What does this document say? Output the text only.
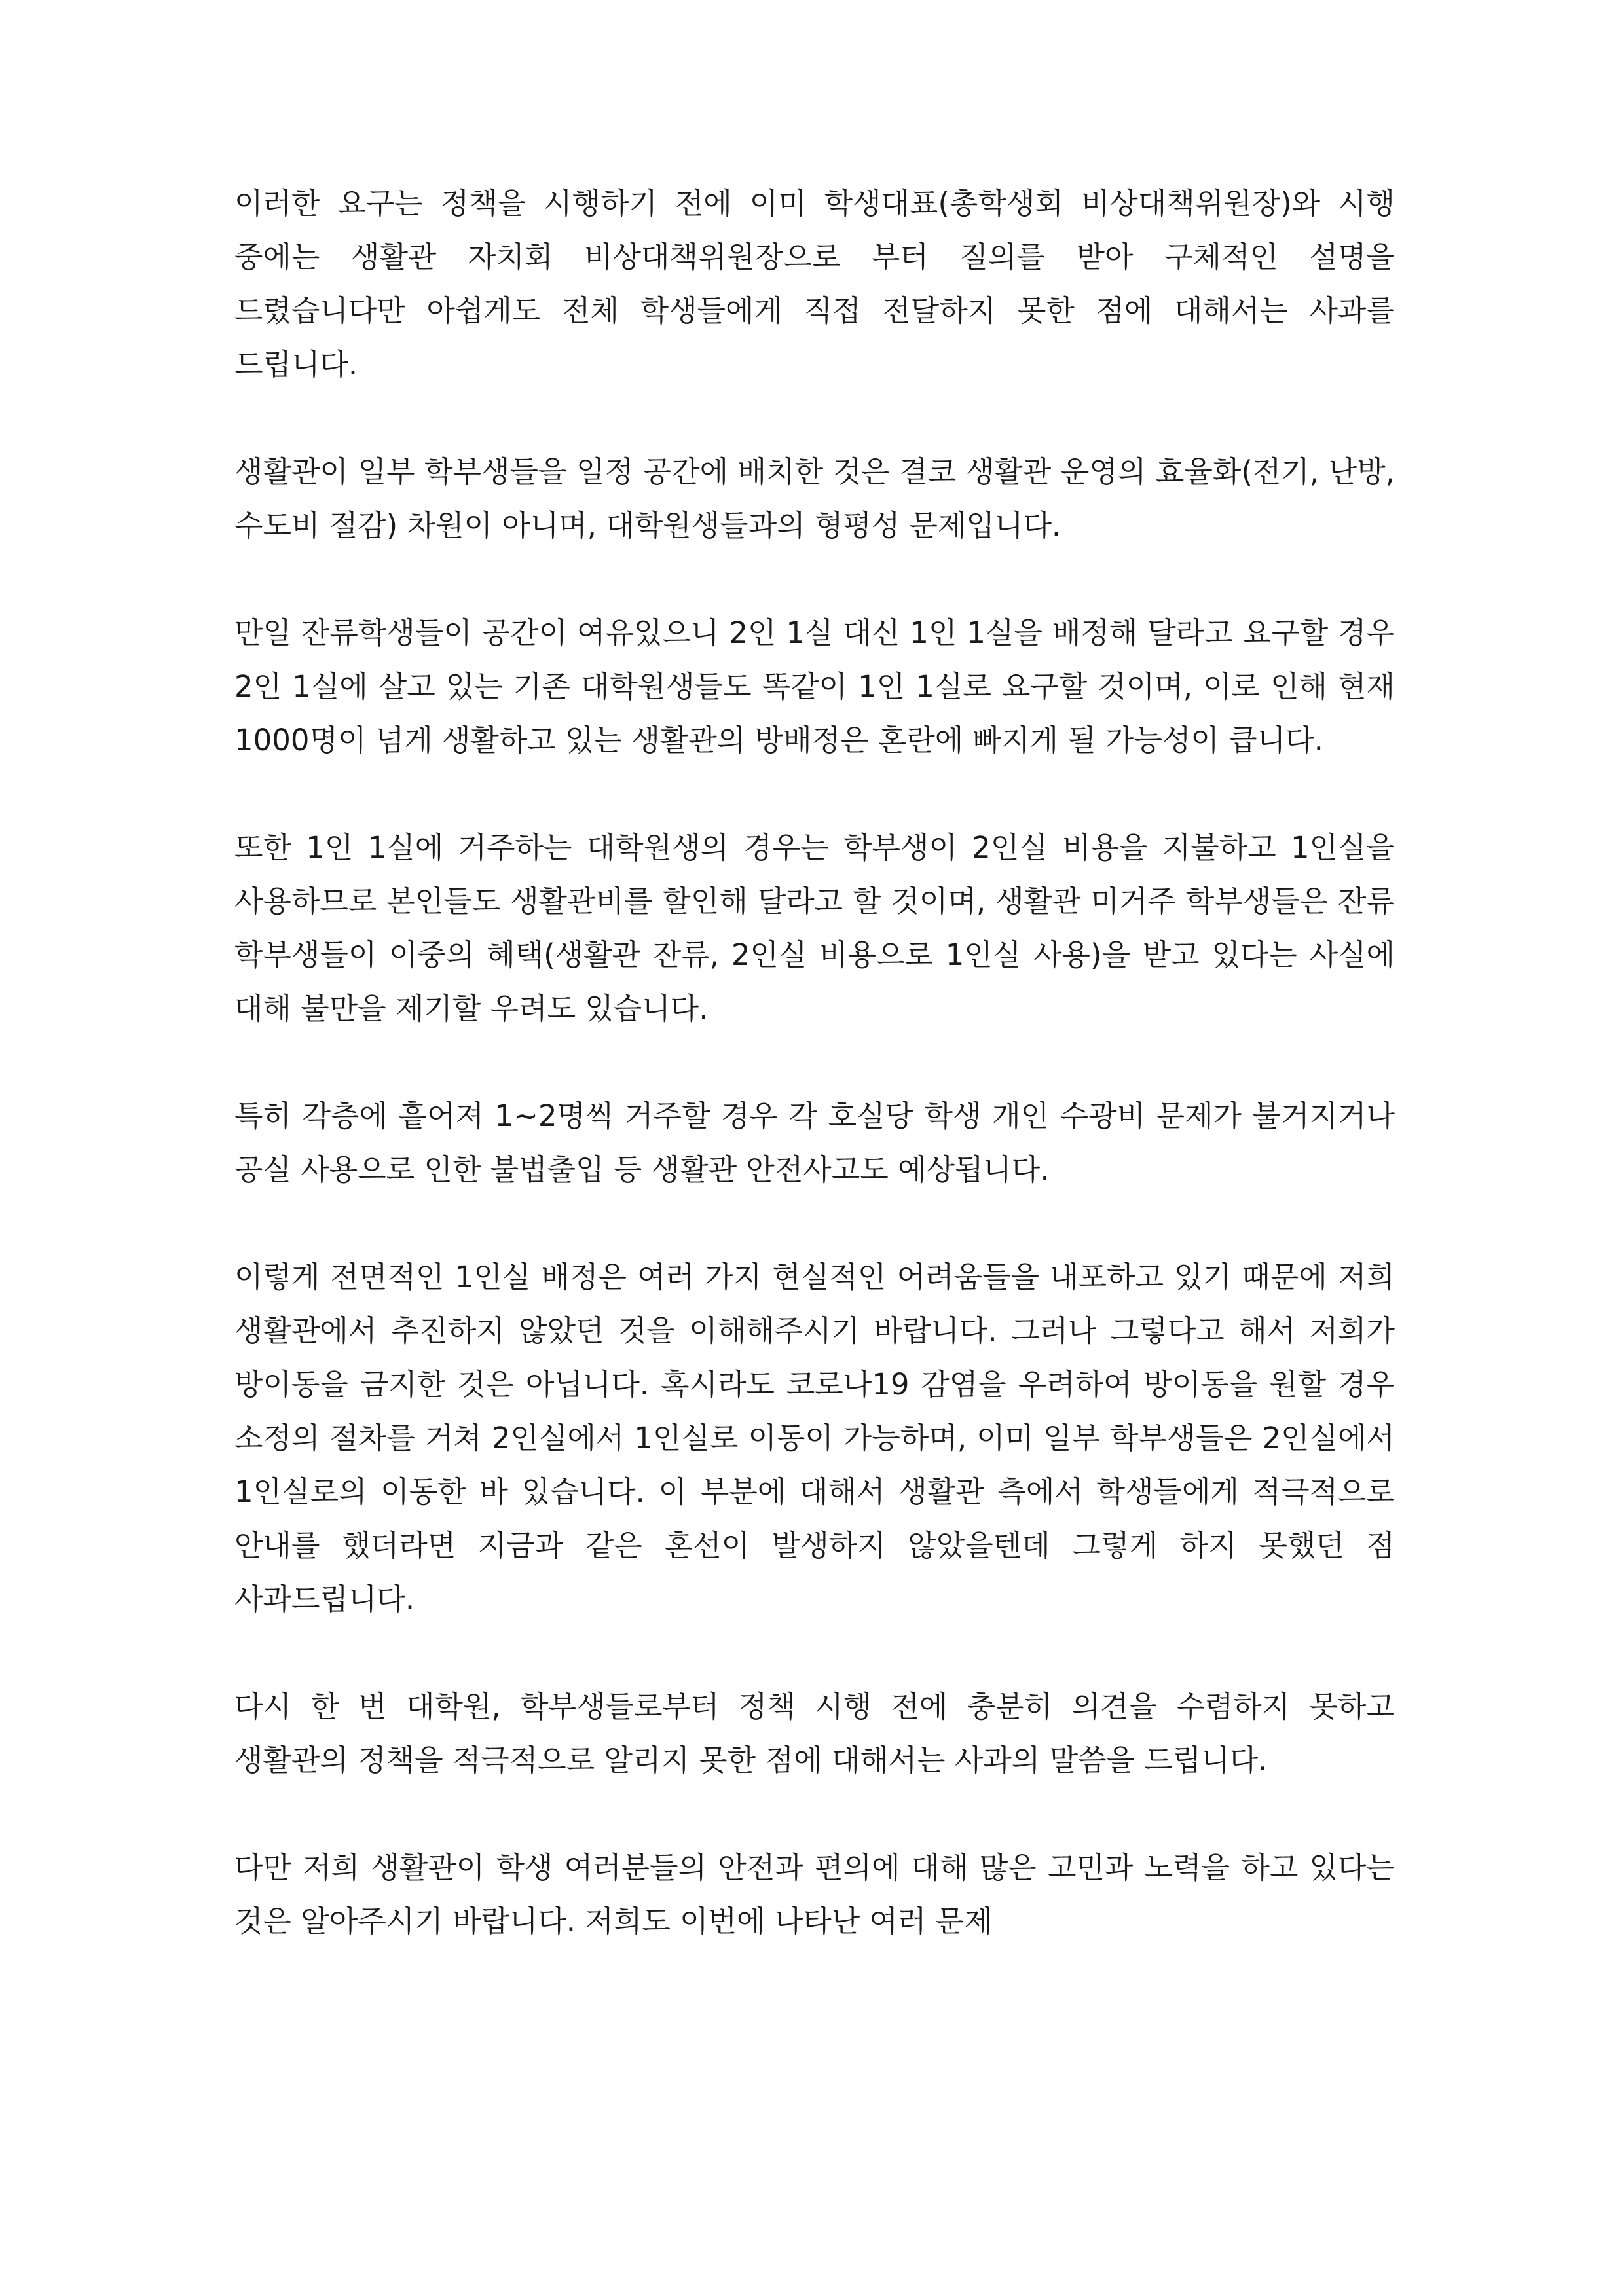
이러한 요구는 정책을 시행하기 전에 이미 학생대표(총학생회 비상대책위원장)와 시행 중에는 생활관 자치회 비상대책위원장으로 부터 질의를 받아 구체적인 설명을 드렸습니다만 아쉽게도 전체 학생들에게 직접 전달하지 못한 점에 대해서는 사과를 드립니다.

생활관이 일부 학부생들을 일정 공간에 배치한 것은 결코 생활관 운영의 효율화(전기, 난방, 수도비 절감) 차원이 아니며, 대학원생들과의 형평성 문제입니다.

만일 잔류학생들이 공간이 여유있으니 2인 1실 대신 1인 1실을 배정해 달라고 요구할 경우 2인 1실에 살고 있는 기존 대학원생들도 똑같이 1인 1실로 요구할 것이며, 이로 인해 현재 1000명이 넘게 생활하고 있는 생활관의 방배정은 혼란에 빠지게 될 가능성이 큽니다.

또한 1인 1실에 거주하는 대학원생의 경우는 학부생이 2인실 비용을 지불하고 1인실을 사용하므로 본인들도 생활관비를 할인해 달라고 할 것이며, 생활관 미거주 학부생들은 잔류 학부생들이 이중의 혜택(생활관 잔류, 2인실 비용으로 1인실 사용)을 받고 있다는 사실에 대해 불만을 제기할 우려도 있습니다.

특히 각층에 흩어져 1~2명씩 거주할 경우 각 호실당 학생 개인 수광비 문제가 불거지거나 공실 사용으로 인한 불법출입 등 생활관 안전사고도 예상됩니다.

이렇게 전면적인 1인실 배정은 여러 가지 현실적인 어려움들을 내포하고 있기 때문에 저희 생활관에서 추진하지 않았던 것을 이해해주시기 바랍니다. 그러나 그렇다고 해서 저희가 방이동을 금지한 것은 아닙니다. 혹시라도 코로나19 감염을 우려하여 방이동을 원할 경우 소정의 절차를 거쳐 2인실에서 1인실로 이동이 가능하며, 이미 일부 학부생들은 2인실에서 1인실로의 이동한 바 있습니다. 이 부분에 대해서 생활관 측에서 학생들에게 적극적으로 안내를 했더라면 지금과 같은 혼선이 발생하지 않았을텐데 그렇게 하지 못했던 점 사과드립니다.

다시 한 번 대학원, 학부생들로부터 정책 시행 전에 충분히 의견을 수렴하지 못하고 생활관의 정책을 적극적으로 알리지 못한 점에 대해서는 사과의 말씀을 드립니다.

다만 저희 생활관이 학생 여러분들의 안전과 편의에 대해 많은 고민과 노력을 하고 있다는 것은 알아주시기 바랍니다. 저희도 이번에 나타난 여러 문제
